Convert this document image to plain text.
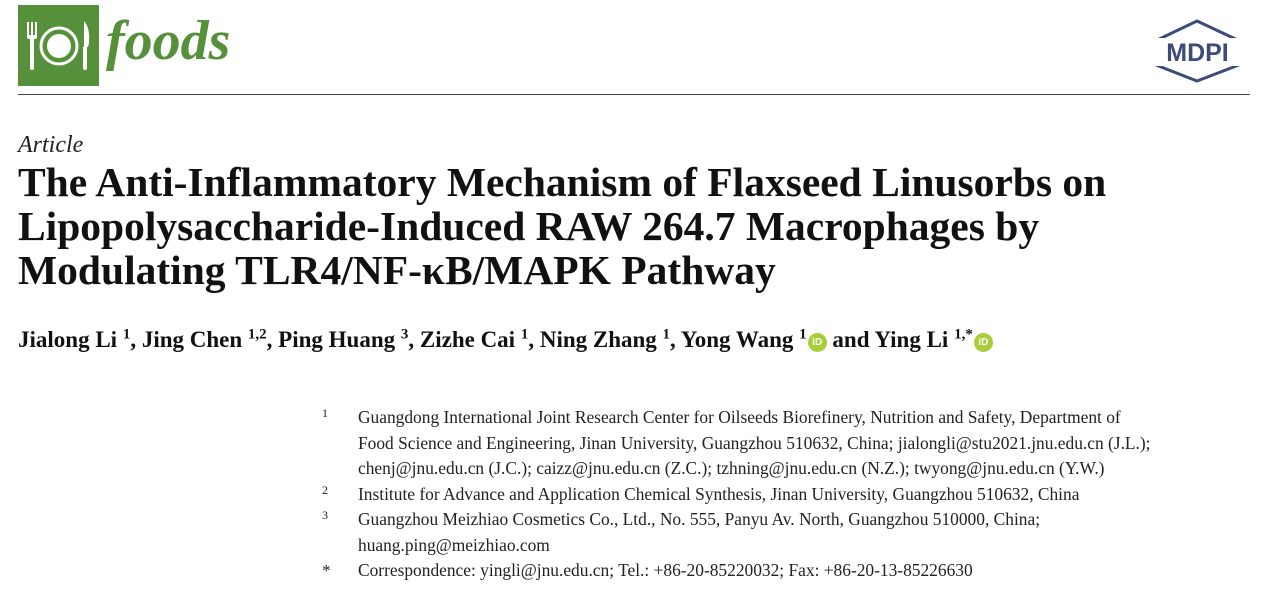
foods	MDPI
Article
The Anti-Inflammatory Mechanism of Flaxseed Linusorbs on
Lipopolysaccharide-Induced RAW 264.7 Macrophages by
Modulating TLR4/NF-κB/MAPK Pathway
Jialong Li $^1$, Jing Chen $^{1,2}$, Ping Huang $^3$, Zizhe Cai $^1$, Ning Zhang $^1$, Yong Wang $^1$iD and Ying Li $^{1,*}$iD
1 Guangdong International Joint Research Center for Oilseeds Biorefinery, Nutrition and Safety, Department of
Food Science and Engineering, Jinan University, Guangzhou 510632, China; jialongli@stu2021.jnu.edu.cn (J.L.);
chenj@jnu.edu.cn (J.C.); caizz@jnu.edu.cn (Z.C.); tzhning@jnu.edu.cn (N.Z.); twyong@jnu.edu.cn (Y.W.)
2 Institute for Advance and Application Chemical Synthesis, Jinan University, Guangzhou 510632, China
3 Guangzhou Meizhiao Cosmetics Co., Ltd., No. 555, Panyu Av. North, Guangzhou 510000, China;
huang.ping@meizhiao.com
* Correspondence: yingli@jnu.edu.cn; Tel.: +86-20-85220032; Fax: +86-20-13-85226630
